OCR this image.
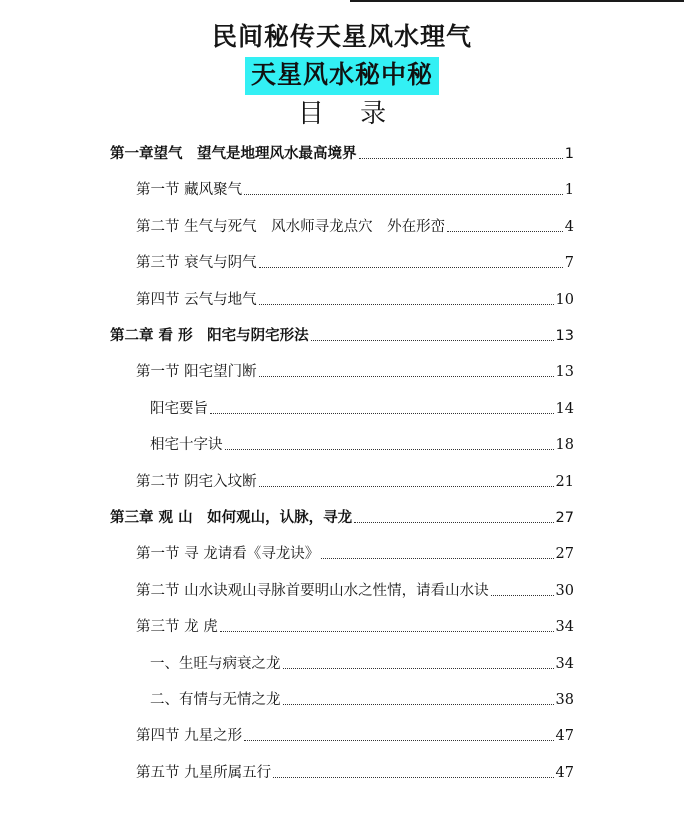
民间秘传天星风水理气
天星风水秘中秘
目 录
第一章望气　望气是地理风水最高境界	1
第一节 藏风聚气	1
第二节 生气与死气　风水师寻龙点穴　外在形峦	4
第三节 衰气与阴气	7
第四节 云气与地气	10
第二章 看 形　阳宅与阴宅形法	13
第一节 阳宅望门断	13
阳宅要旨	14
相宅十字诀	18
第二节 阴宅入坟断	21
第三章 观 山　如何观山，认脉，寻龙	27
第一节 寻 龙请看《寻龙诀》	27
第二节 山水诀观山寻脉首要明山水之性情，请看山水诀	30
第三节 龙 虎	34
一、生旺与病衰之龙	34
二、有情与无情之龙	38
第四节 九星之形	47
第五节 九星所属五行	47
